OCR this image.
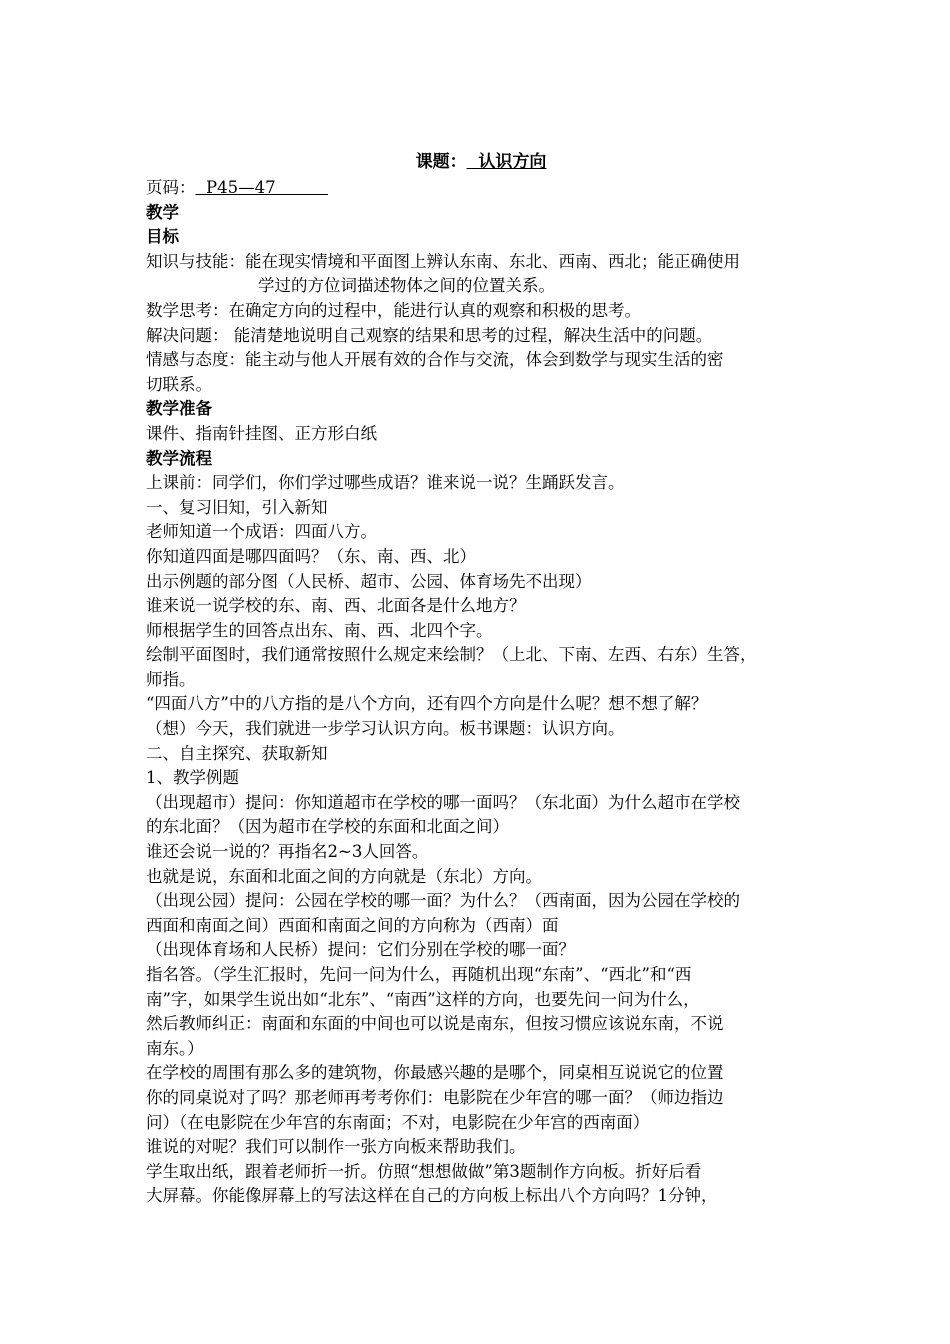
课题：  认识方向
页码：  P45—47
教学
目标
知识与技能：能在现实情境和平面图上辨认东南、东北、西南、西北；能正确使用
学过的方位词描述物体之间的位置关系。
数学思考：在确定方向的过程中，能进行认真的观察和积极的思考。
解决问题： 能清楚地说明自己观察的结果和思考的过程，解决生活中的问题。
情感与态度：能主动与他人开展有效的合作与交流，体会到数学与现实生活的密
切联系。
教学准备
课件、指南针挂图、正方形白纸
教学流程
上课前：同学们，你们学过哪些成语？谁来说一说？生踊跃发言。
一、复习旧知，引入新知
老师知道一个成语：四面八方。
你知道四面是哪四面吗？（东、南、西、北）
出示例题的部分图（人民桥、超市、公园、体育场先不出现）
谁来说一说学校的东、南、西、北面各是什么地方？
师根据学生的回答点出东、南、西、北四个字。
绘制平面图时，我们通常按照什么规定来绘制？（上北、下南、左西、右东）生答，
师指。
“四面八方”中的八方指的是八个方向，还有四个方向是什么呢？想不想了解？
（想）今天，我们就进一步学习认识方向。板书课题：认识方向。
二、自主探究、获取新知
1、教学例题
（出现超市）提问：你知道超市在学校的哪一面吗？（东北面）为什么超市在学校
的东北面？（因为超市在学校的东面和北面之间）
谁还会说一说的？再指名2~3人回答。
也就是说，东面和北面之间的方向就是（东北）方向。
（出现公园）提问：公园在学校的哪一面？为什么？（西南面，因为公园在学校的
西面和南面之间）西面和南面之间的方向称为（西南）面
（出现体育场和人民桥）提问：它们分别在学校的哪一面？
指名答。（学生汇报时，先问一问为什么，再随机出现“东南”、“西北”和“西
南”字，如果学生说出如“北东”、“南西”这样的方向，也要先问一问为什么，
然后教师纠正：南面和东面的中间也可以说是南东，但按习惯应该说东南，不说
南东。）
在学校的周围有那么多的建筑物，你最感兴趣的是哪个，同桌相互说说它的位置
你的同桌说对了吗？那老师再考考你们：电影院在少年宫的哪一面？（师边指边
问）（在电影院在少年宫的东南面；不对，电影院在少年宫的西南面）
谁说的对呢？我们可以制作一张方向板来帮助我们。
学生取出纸，跟着老师折一折。仿照“想想做做”第3题制作方向板。折好后看
大屏幕。你能像屏幕上的写法这样在自己的方向板上标出八个方向吗？1分钟，
